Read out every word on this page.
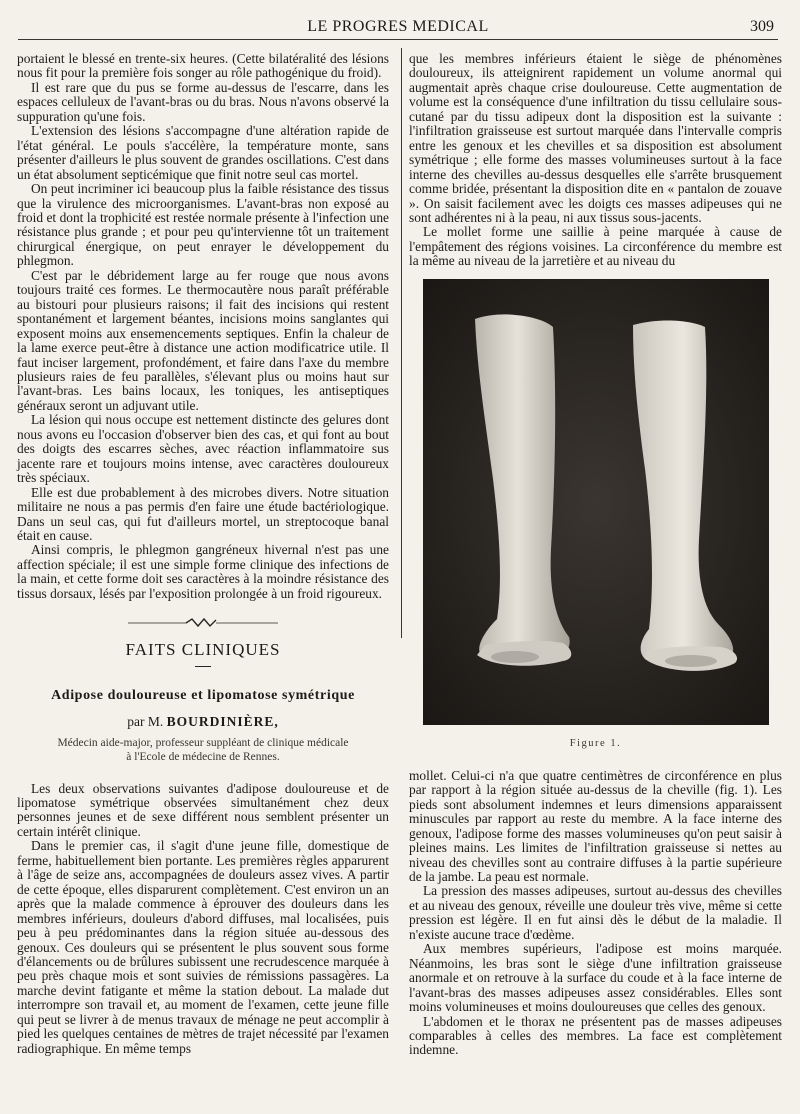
LE PROGRES MEDICAL	309

portaient le blessé en trente-six heures. (Cette bilatéralité des lésions nous fit pour la première fois songer au rôle pathogénique du froid).

Il est rare que du pus se forme au-dessus de l'escarre, dans les espaces celluleux de l'avant-bras ou du bras. Nous n'avons observé la suppuration qu'une fois.

L'extension des lésions s'accompagne d'une altération rapide de l'état général. Le pouls s'accélère, la température monte, sans présenter d'ailleurs le plus souvent de grandes oscillations. C'est dans un état absolument septicémique que finit notre seul cas mortel.

On peut incriminer ici beaucoup plus la faible résistance des tissus que la virulence des microorganismes. L'avant-bras non exposé au froid et dont la trophicité est restée normale présente à l'infection une résistance plus grande ; et pour peu qu'intervienne tôt un traitement chirurgical énergique, on peut enrayer le développement du phlegmon.

C'est par le débridement large au fer rouge que nous avons toujours traité ces formes. Le thermocautère nous paraît préférable au bistouri pour plusieurs raisons; il fait des incisions qui restent spontanément et largement béantes, incisions moins sanglantes qui exposent moins aux ensemencements septiques. Enfin la chaleur de la lame exerce peut-être à distance une action modificatrice utile. Il faut inciser largement, profondément, et faire dans l'axe du membre plusieurs raies de feu parallèles, s'élevant plus ou moins haut sur l'avant-bras. Les bains locaux, les toniques, les antiseptiques généraux seront un adjuvant utile.

La lésion qui nous occupe est nettement distincte des gelures dont nous avons eu l'occasion d'observer bien des cas, et qui font au bout des doigts des escarres sèches, avec réaction inflammatoire sus jacente rare et toujours moins intense, avec caractères douloureux très spéciaux.

Elle est due probablement à des microbes divers. Notre situation militaire ne nous a pas permis d'en faire une étude bactériologique. Dans un seul cas, qui fut d'ailleurs mortel, un streptocoque banal était en cause.

Ainsi compris, le phlegmon gangréneux hivernal n'est pas une affection spéciale; il est une simple forme clinique des infections de la main, et cette forme doit ses caractères à la moindre résistance des tissus dorsaux, lésés par l'exposition prolongée à un froid rigoureux.

FAITS CLINIQUES
Adipose douloureuse et lipomatose symétrique
par M. BOURDINIÈRE,
Médecin aide-major, professeur suppléant de clinique médicale
à l'Ecole de médecine de Rennes.

Les deux observations suivantes d'adipose douloureuse et de lipomatose symétrique observées simultanément chez deux personnes jeunes et de sexe différent nous semblent présenter un certain intérêt clinique.

Dans le premier cas, il s'agit d'une jeune fille, domestique de ferme, habituellement bien portante. Les premières règles apparurent à l'âge de seize ans, accompagnées de douleurs assez vives. A partir de cette époque, elles disparurent complètement. C'est environ un an après que la malade commence à éprouver des douleurs dans les membres inférieurs, douleurs d'abord diffuses, mal localisées, puis peu à peu prédominantes dans la région située au-dessous des genoux. Ces douleurs qui se présentent le plus souvent sous forme d'élancements ou de brûlures subissent une recrudescence marquée à peu près chaque mois et sont suivies de rémissions passagères. La marche devint fatigante et même la station debout. La malade dut interrompre son travail et, au moment de l'examen, cette jeune fille qui peut se livrer à de menus travaux de ménage ne peut accomplir à pied les quelques centaines de mètres de trajet nécessité par l'examen radiographique. En même temps

que les membres inférieurs étaient le siège de phénomènes douloureux, ils atteignirent rapidement un volume anormal qui augmentait après chaque crise douloureuse. Cette augmentation de volume est la conséquence d'une infiltration du tissu cellulaire sous-cutané par du tissu adipeux dont la disposition est la suivante : l'infiltration graisseuse est surtout marquée dans l'intervalle compris entre les genoux et les chevilles et sa disposition est absolument symétrique ; elle forme des masses volumineuses surtout à la face interne des chevilles au-dessus desquelles elle s'arrête brusquement comme bridée, présentant la disposition dite en « pantalon de zouave ». On saisit facilement avec les doigts ces masses adipeuses qui ne sont adhérentes ni à la peau, ni aux tissus sous-jacents.

Le mollet forme une saillie à peine marquée à cause de l'empâtement des régions voisines. La circonférence du membre est la même au niveau de la jarretière et au niveau du

Figure 1.

mollet. Celui-ci n'a que quatre centimètres de circonférence en plus par rapport à la région située au-dessus de la cheville (fig. 1). Les pieds sont absolument indemnes et leurs dimensions apparaissent minuscules par rapport au reste du membre. A la face interne des genoux, l'adipose forme des masses volumineuses qu'on peut saisir à pleines mains. Les limites de l'infiltration graisseuse si nettes au niveau des chevilles sont au contraire diffuses à la partie supérieure de la jambe. La peau est normale.

La pression des masses adipeuses, surtout au-dessus des chevilles et au niveau des genoux, réveille une douleur très vive, même si cette pression est légère. Il en fut ainsi dès le début de la maladie. Il n'existe aucune trace d'œdème.

Aux membres supérieurs, l'adipose est moins marquée. Néanmoins, les bras sont le siège d'une infiltration graisseuse anormale et on retrouve à la surface du coude et à la face interne de l'avant-bras des masses adipeuses assez considérables. Elles sont moins volumineuses et moins douloureuses que celles des genoux.

L'abdomen et le thorax ne présentent pas de masses adipeuses comparables à celles des membres. La face est complètement indemne.
